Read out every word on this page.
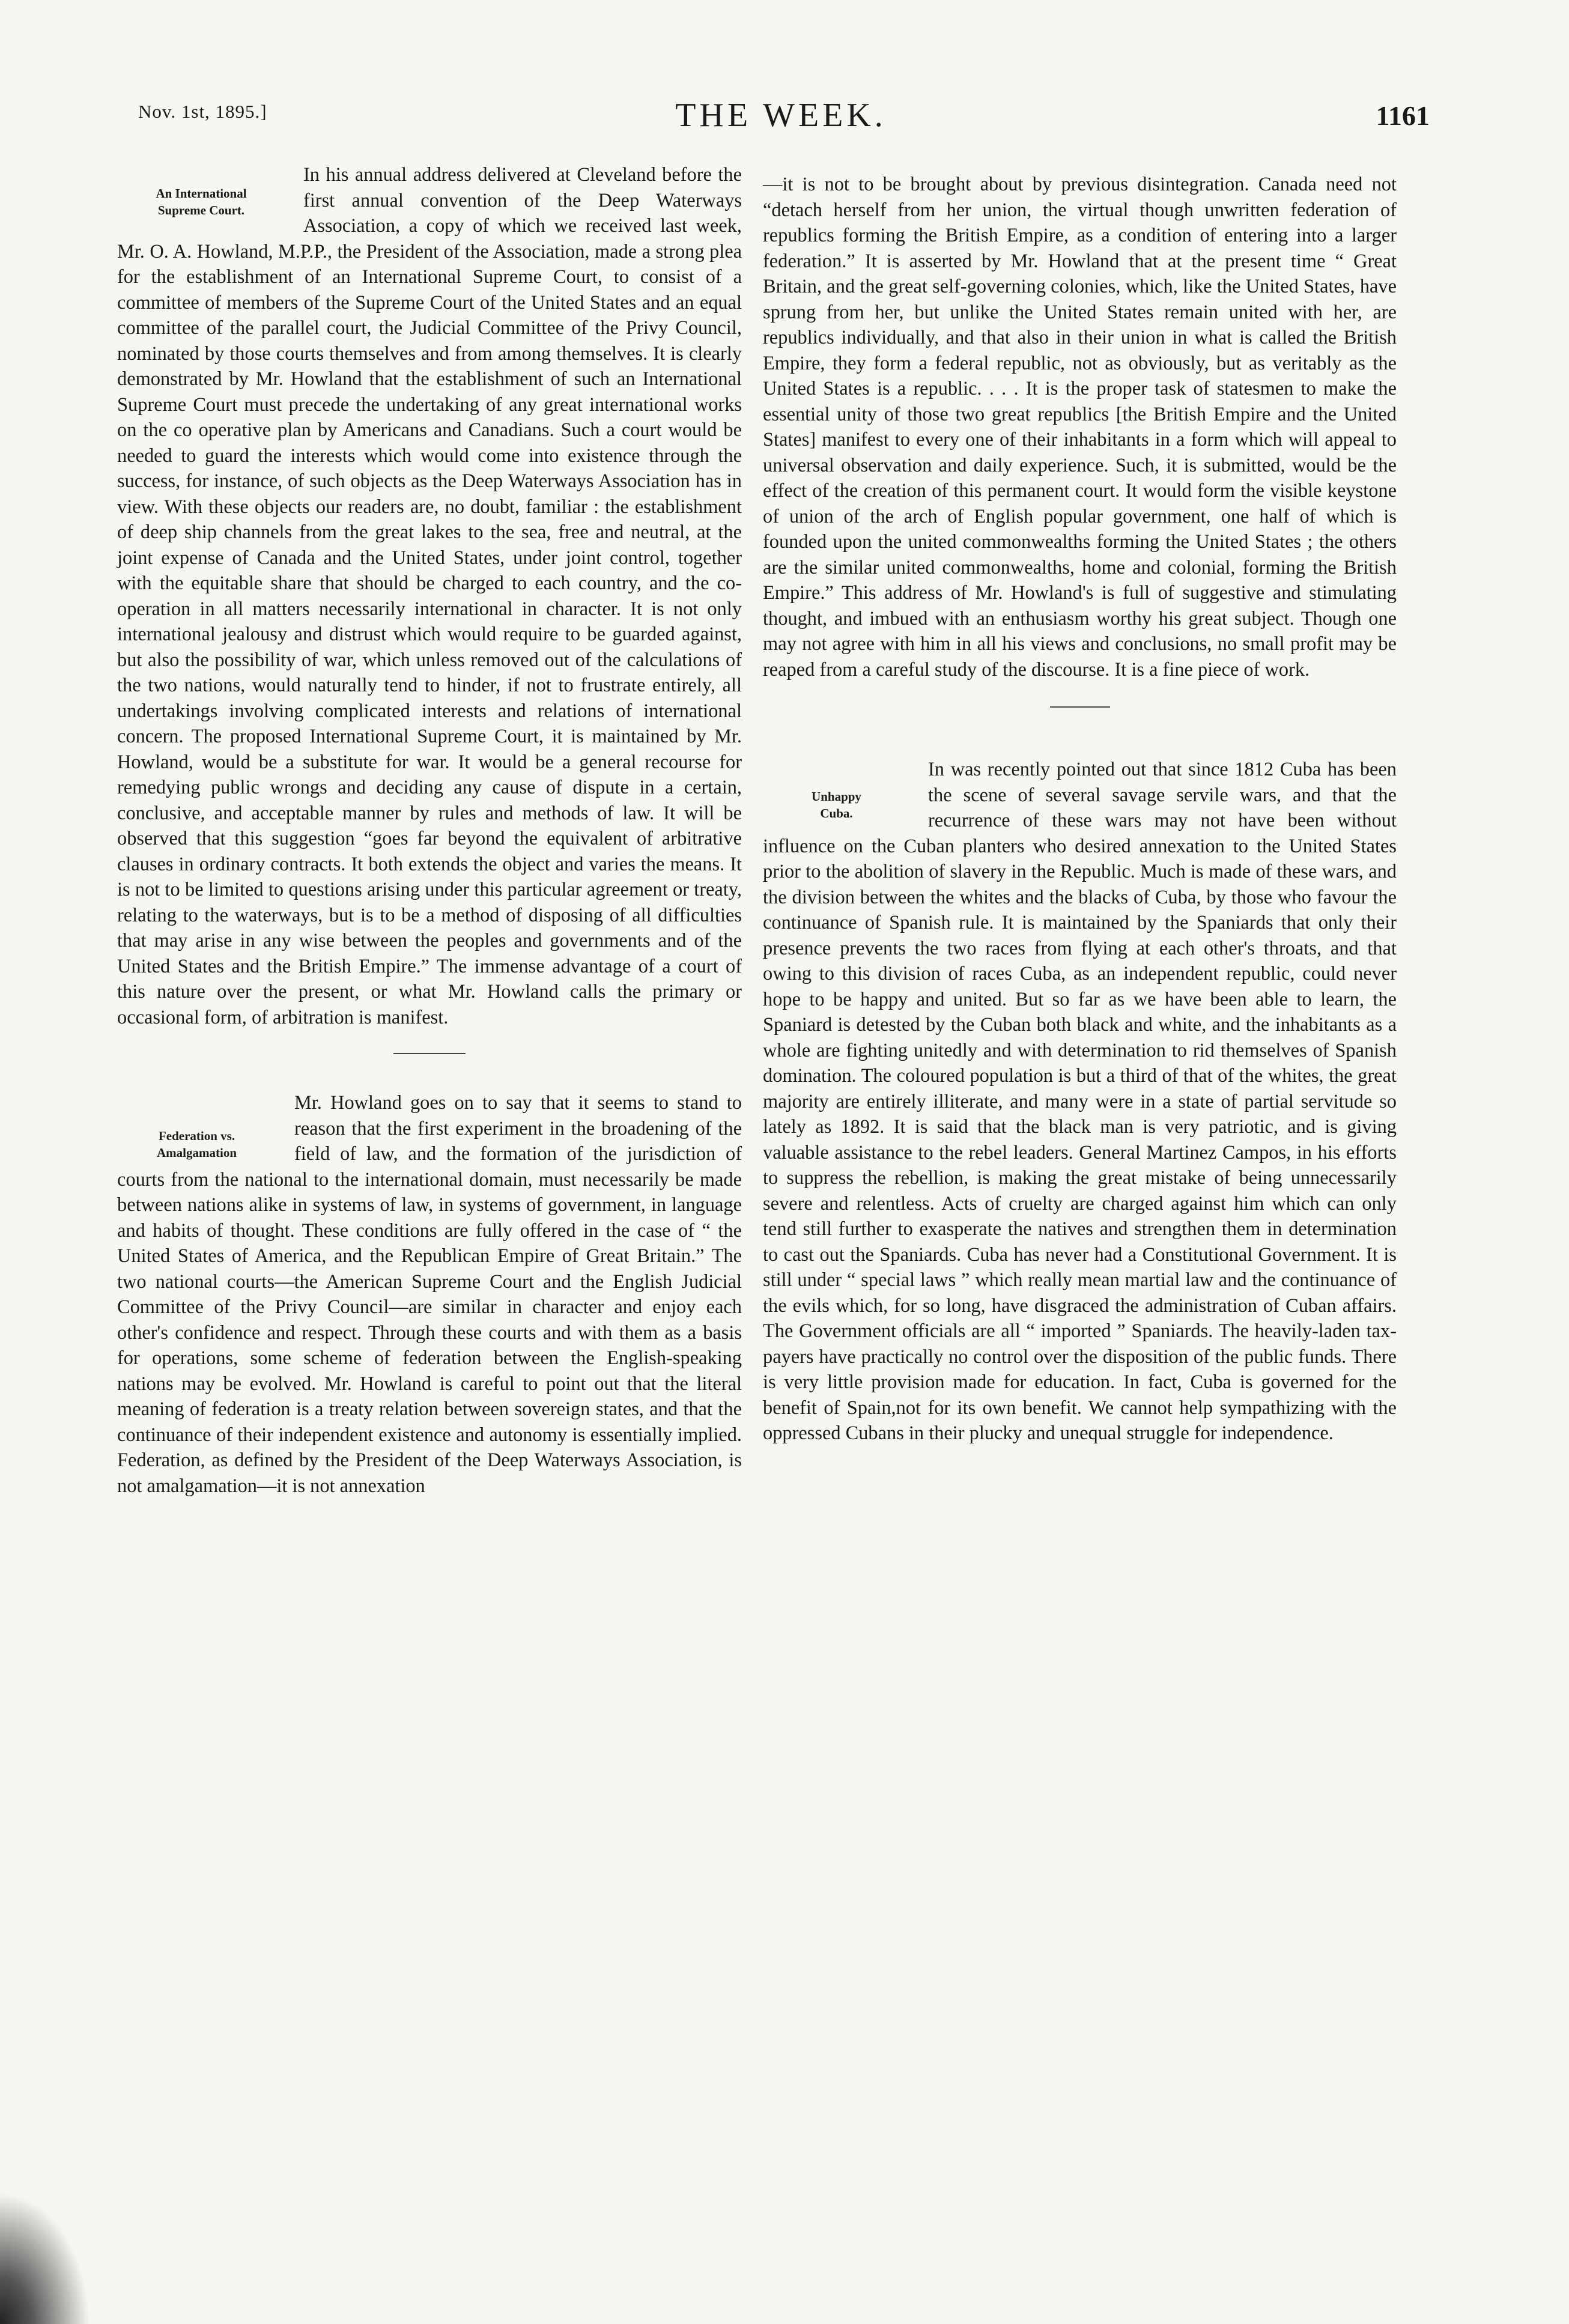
Nov. 1st, 1895.]	THE WEEK.	1161
An International
Supreme Court.

In his annual address delivered at Cleveland before the first annual convention of the Deep Waterways Association, a copy of which we received last week, Mr. O. A. Howland, M.P.P., the President of the Association, made a strong plea for the establishment of an International Supreme Court, to consist of a committee of members of the Supreme Court of the United States and an equal committee of the parallel court, the Judicial Committee of the Privy Council, nominated by those courts themselves and from among themselves. It is clearly demonstrated by Mr. Howland that the establishment of such an International Supreme Court must precede the undertaking of any great international works on the co operative plan by Americans and Canadians. Such a court would be needed to guard the interests which would come into existence through the success, for instance, of such objects as the Deep Waterways Association has in view. With these objects our readers are, no doubt, familiar : the establishment of deep ship channels from the great lakes to the sea, free and neutral, at the joint expense of Canada and the United States, under joint control, together with the equitable share that should be charged to each country, and the co-operation in all matters necessarily international in character. It is not only international jealousy and distrust which would require to be guarded against, but also the possibility of war, which unless removed out of the calculations of the two nations, would naturally tend to hinder, if not to frustrate entirely, all undertakings involving complicated interests and relations of international concern. The proposed International Supreme Court, it is maintained by Mr. Howland, would be a substitute for war. It would be a general recourse for remedying public wrongs and deciding any cause of dispute in a certain, conclusive, and acceptable manner by rules and methods of law. It will be observed that this suggestion “goes far beyond the equivalent of arbitrative clauses in ordinary contracts. It both extends the object and varies the means. It is not to be limited to questions arising under this particular agreement or treaty, relating to the waterways, but is to be a method of disposing of all difficulties that may arise in any wise between the peoples and governments and of the United States and the British Empire.” The immense advantage of a court of this nature over the present, or what Mr. Howland calls the primary or occasional form, of arbitration is manifest.

Federation vs.
Amalgamation

Mr. Howland goes on to say that it seems to stand to reason that the first experiment in the broadening of the field of law, and the formation of the jurisdiction of courts from the national to the international domain, must necessarily be made between nations alike in systems of law, in systems of government, in language and habits of thought. These conditions are fully offered in the case of “ the United States of America, and the Republican Empire of Great Britain.” The two national courts—the American Supreme Court and the English Judicial Committee of the Privy Council—are similar in character and enjoy each other's confidence and respect. Through these courts and with them as a basis for operations, some scheme of federation between the English-speaking nations may be evolved. Mr. Howland is careful to point out that the literal meaning of federation is a treaty relation between sovereign states, and that the continuance of their independent existence and autonomy is essentially implied. Federation, as defined by the President of the Deep Waterways Association, is not amalgamation—it is not annexation

—it is not to be brought about by previous disintegration. Canada need not “detach herself from her union, the virtual though unwritten federation of republics forming the British Empire, as a condition of entering into a larger federation.” It is asserted by Mr. Howland that at the present time “ Great Britain, and the great self-governing colonies, which, like the United States, have sprung from her, but unlike the United States remain united with her, are republics individually, and that also in their union in what is called the British Empire, they form a federal republic, not as obviously, but as veritably as the United States is a republic. . . . It is the proper task of statesmen to make the essential unity of those two great republics [the British Empire and the United States] manifest to every one of their inhabitants in a form which will appeal to universal observation and daily experience. Such, it is submitted, would be the effect of the creation of this permanent court. It would form the visible keystone of union of the arch of English popular government, one half of which is founded upon the united commonwealths forming the United States ; the others are the similar united commonwealths, home and colonial, forming the British Empire.” This address of Mr. Howland's is full of suggestive and stimulating thought, and imbued with an enthusiasm worthy his great subject. Though one may not agree with him in all his views and conclusions, no small profit may be reaped from a careful study of the discourse. It is a fine piece of work.

Unhappy
Cuba.

In was recently pointed out that since 1812 Cuba has been the scene of several savage servile wars, and that the recurrence of these wars may not have been without influence on the Cuban planters who desired annexation to the United States prior to the abolition of slavery in the Republic. Much is made of these wars, and the division between the whites and the blacks of Cuba, by those who favour the continuance of Spanish rule. It is maintained by the Spaniards that only their presence prevents the two races from flying at each other's throats, and that owing to this division of races Cuba, as an independent republic, could never hope to be happy and united. But so far as we have been able to learn, the Spaniard is detested by the Cuban both black and white, and the inhabitants as a whole are fighting unitedly and with determination to rid themselves of Spanish domination. The coloured population is but a third of that of the whites, the great majority are entirely illiterate, and many were in a state of partial servitude so lately as 1892. It is said that the black man is very patriotic, and is giving valuable assistance to the rebel leaders. General Martinez Campos, in his efforts to suppress the rebellion, is making the great mistake of being unnecessarily severe and relentless. Acts of cruelty are charged against him which can only tend still further to exasperate the natives and strengthen them in determination to cast out the Spaniards. Cuba has never had a Constitutional Government. It is still under “ special laws ” which really mean martial law and the continuance of the evils which, for so long, have disgraced the administration of Cuban affairs. The Government officials are all “ imported ” Spaniards. The heavily-laden tax-payers have practically no control over the disposition of the public funds. There is very little provision made for education. In fact, Cuba is governed for the benefit of Spain,not for its own benefit. We cannot help sympathizing with the oppressed Cubans in their plucky and unequal struggle for independence.
